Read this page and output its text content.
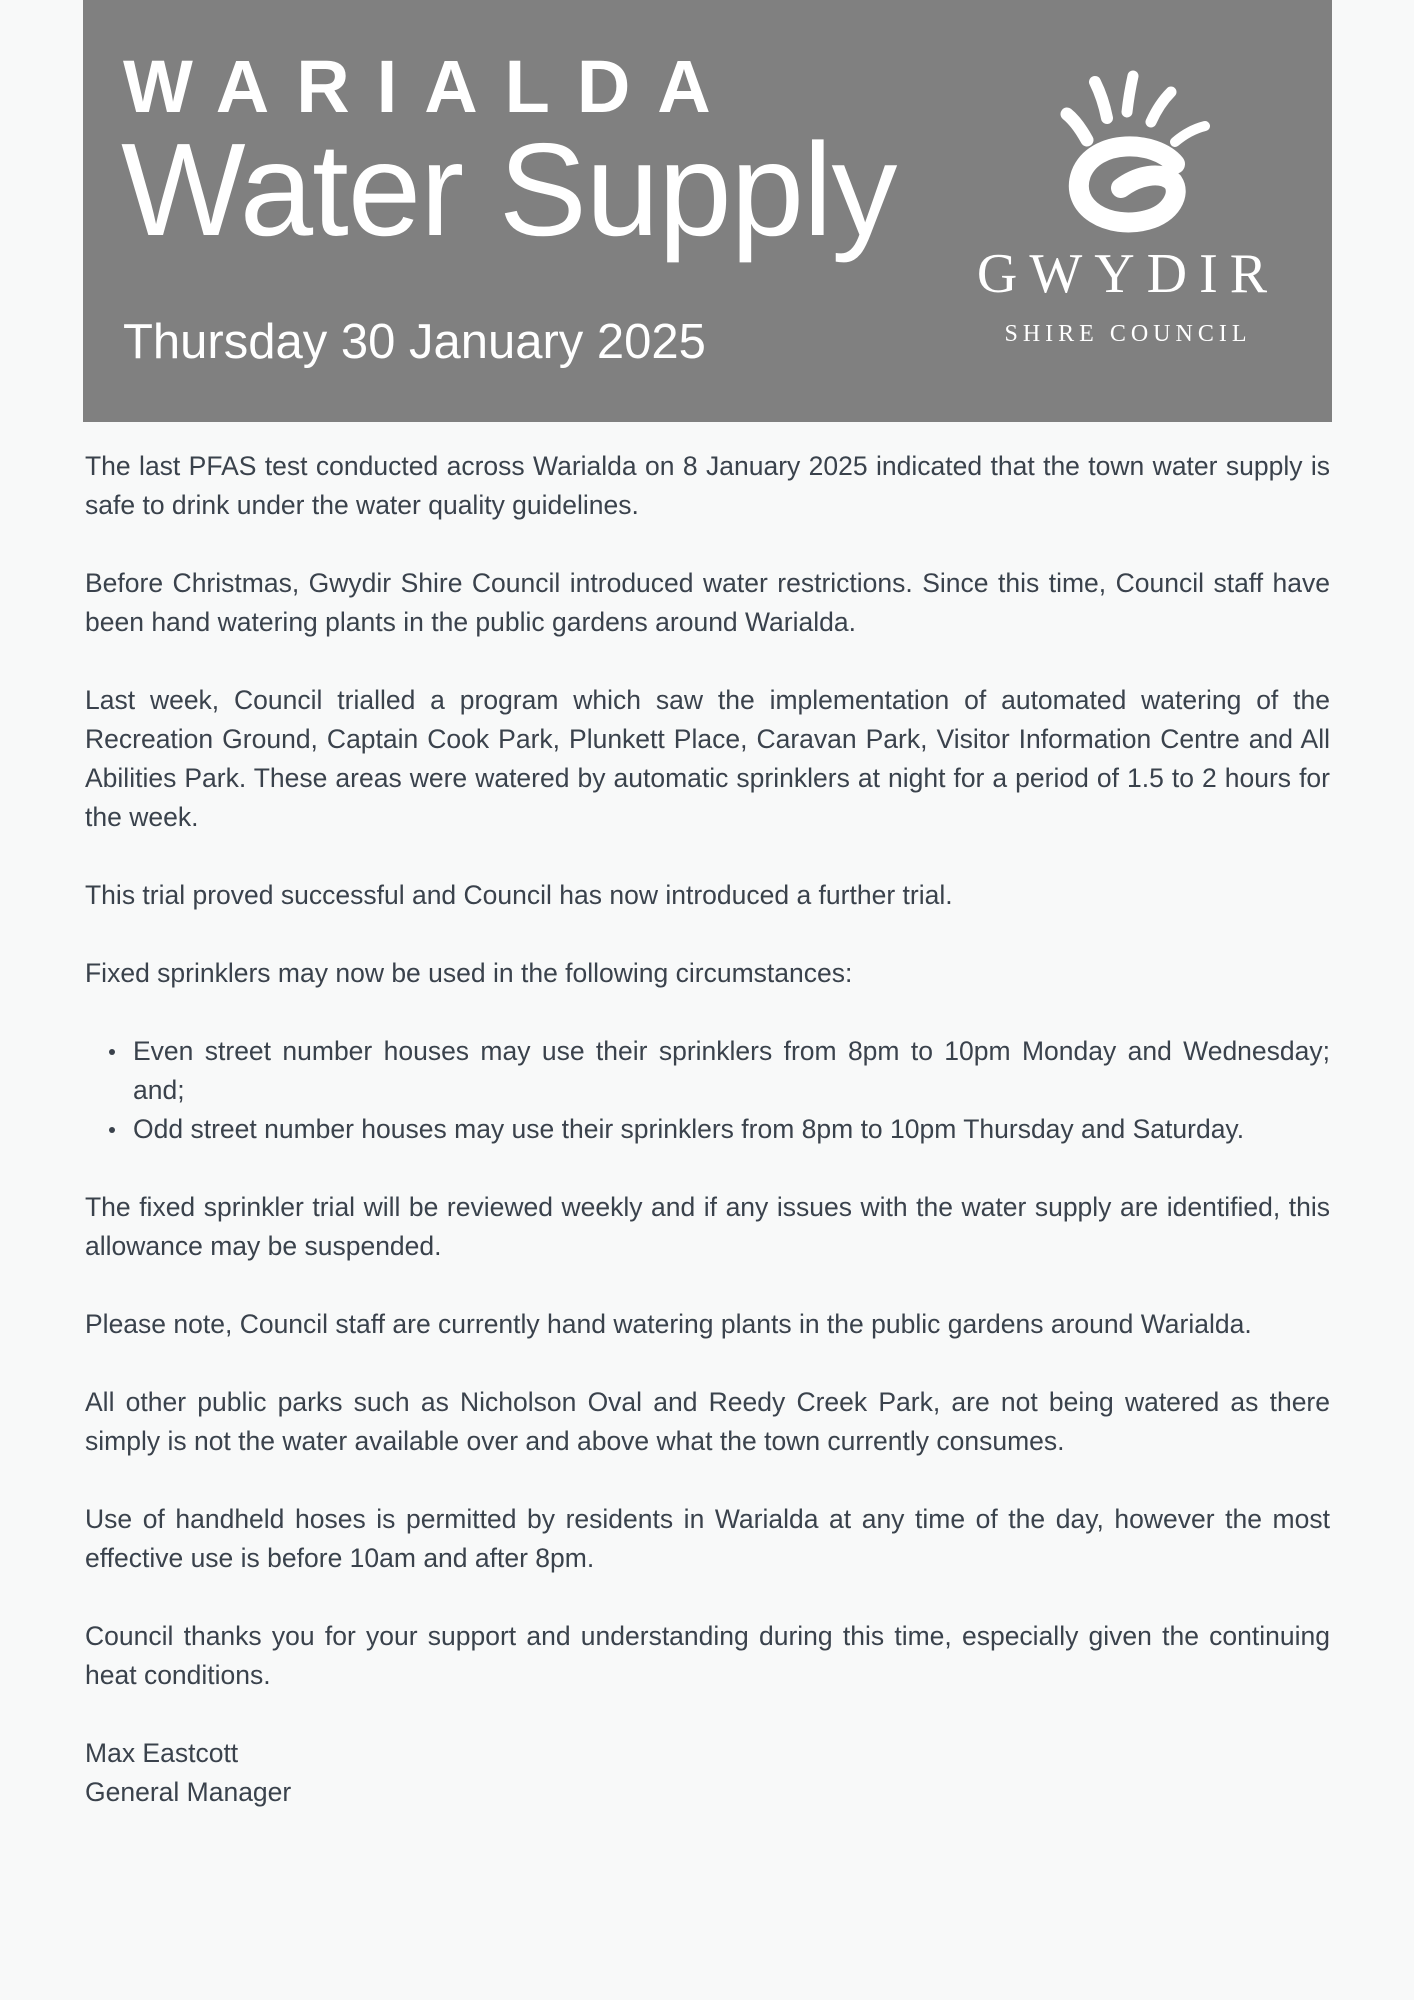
WARIALDA
Water Supply
Thursday 30 January 2025
GWYDIR
SHIRE COUNCIL

The last PFAS test conducted across Warialda on 8 January 2025 indicated that the town water supply is safe to drink under the water quality guidelines.

Before Christmas, Gwydir Shire Council introduced water restrictions. Since this time, Council staff have been hand watering plants in the public gardens around Warialda.

Last week, Council trialled a program which saw the implementation of automated watering of the Recreation Ground, Captain Cook Park, Plunkett Place, Caravan Park, Visitor Information Centre and All Abilities Park. These areas were watered by automatic sprinklers at night for a period of 1.5 to 2 hours for the week.

This trial proved successful and Council has now introduced a further trial.

Fixed sprinklers may now be used in the following circumstances:

Even street number houses may use their sprinklers from 8pm to 10pm Monday and Wednesday; and;
Odd street number houses may use their sprinklers from 8pm to 10pm Thursday and Saturday.

The fixed sprinkler trial will be reviewed weekly and if any issues with the water supply are identified, this allowance may be suspended.

Please note, Council staff are currently hand watering plants in the public gardens around Warialda.

All other public parks such as Nicholson Oval and Reedy Creek Park, are not being watered as there simply is not the water available over and above what the town currently consumes.

Use of handheld hoses is permitted by residents in Warialda at any time of the day, however the most effective use is before 10am and after 8pm.

Council thanks you for your support and understanding during this time, especially given the continuing heat conditions.

Max Eastcott
General Manager
